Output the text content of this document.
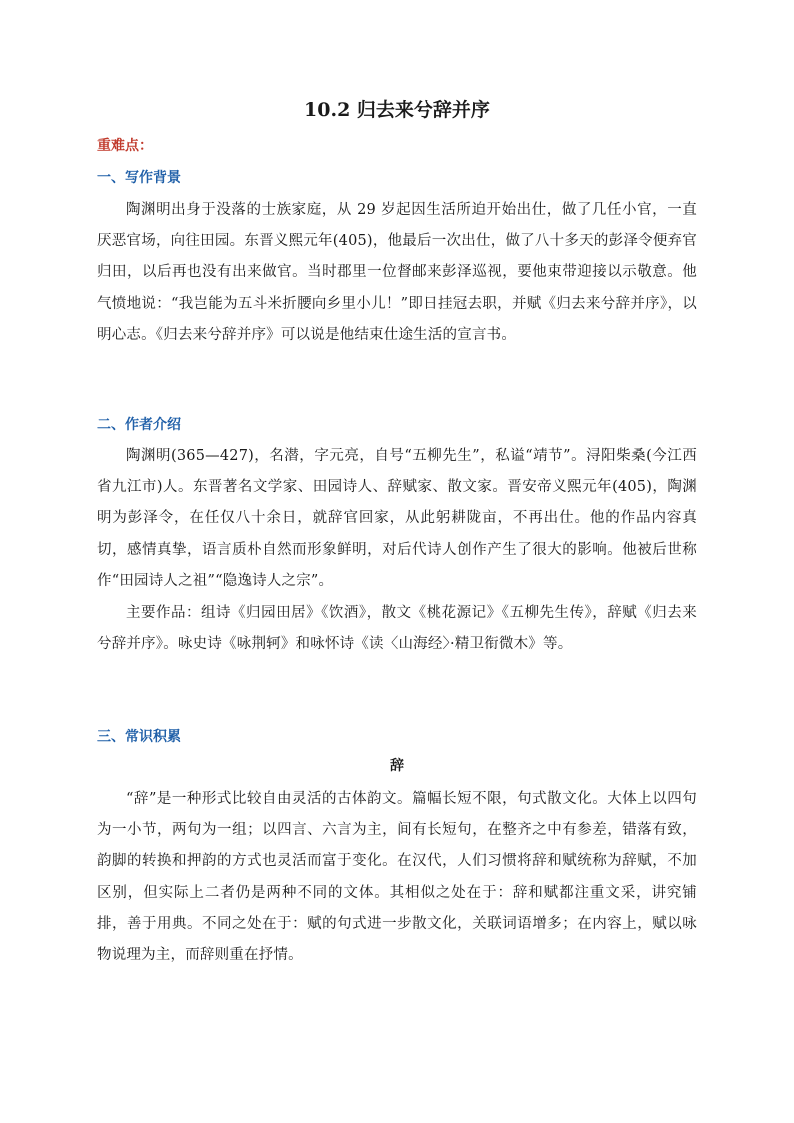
10.2 归去来兮辞并序
重难点：
一、写作背景

陶渊明出身于没落的士族家庭，从 29 岁起因生活所迫开始出仕，做了几任小官，一直厌恶官场，向往田园。东晋义熙元年(405)，他最后一次出仕，做了八十多天的彭泽令便弃官归田，以后再也没有出来做官。当时郡里一位督邮来彭泽巡视，要他束带迎接以示敬意。他气愤地说：“我岂能为五斗米折腰向乡里小儿！”即日挂冠去职，并赋《归去来兮辞并序》，以明心志。《归去来兮辞并序》可以说是他结束仕途生活的宣言书。

二、作者介绍

陶渊明(365—427)，名潜，字元亮，自号“五柳先生”，私谥“靖节”。浔阳柴桑(今江西省九江市)人。东晋著名文学家、田园诗人、辞赋家、散文家。晋安帝义熙元年(405)，陶渊明为彭泽令，在任仅八十余日，就辞官回家，从此躬耕陇亩，不再出仕。他的作品内容真切，感情真挚，语言质朴自然而形象鲜明，对后代诗人创作产生了很大的影响。他被后世称作“田园诗人之祖”“隐逸诗人之宗”。

主要作品：组诗《归园田居》《饮酒》，散文《桃花源记》《五柳先生传》，辞赋《归去来兮辞并序》。咏史诗《咏荆轲》和咏怀诗《读〈山海经〉·精卫衔微木》等。

三、常识积累
辞

“辞”是一种形式比较自由灵活的古体韵文。篇幅长短不限，句式散文化。大体上以四句为一小节，两句为一组；以四言、六言为主，间有长短句，在整齐之中有参差，错落有致，韵脚的转换和押韵的方式也灵活而富于变化。在汉代，人们习惯将辞和赋统称为辞赋，不加区别，但实际上二者仍是两种不同的文体。其相似之处在于：辞和赋都注重文采，讲究铺排，善于用典。不同之处在于：赋的句式进一步散文化，关联词语增多；在内容上，赋以咏物说理为主，而辞则重在抒情。
